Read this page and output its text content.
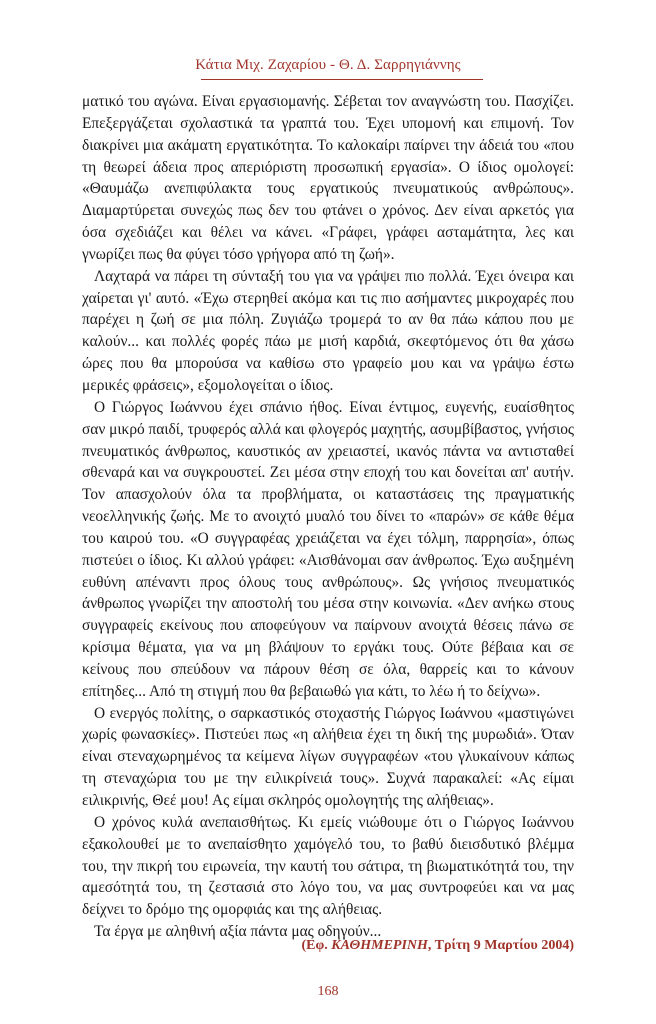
Κάτια Μιχ. Ζαχαρίου - Θ. Δ. Σαρρηγιάννης

ματικό του αγώνα. Είναι εργασιομανής. Σέβεται τον αναγνώστη του. Πασχίζει. Επεξεργάζεται σχολαστικά τα γραπτά του. Έχει υπομονή και επιμονή. Τον διακρίνει μια ακάματη εργατικότητα. Το καλοκαίρι παίρνει την άδειά του «που τη θεωρεί άδεια προς απεριόριστη προσωπική εργασία». Ο ίδιος ομολογεί: «Θαυμάζω ανεπιφύλακτα τους εργατικούς πνευματικούς ανθρώπους». Διαμαρτύρεται συνεχώς πως δεν του φτάνει ο χρόνος. Δεν είναι αρκετός για όσα σχεδιάζει και θέλει να κάνει. «Γράφει, γράφει ασταμάτητα, λες και γνωρίζει πως θα φύγει τόσο γρήγορα από τη ζωή».

Λαχταρά να πάρει τη σύνταξή του για να γράψει πιο πολλά. Έχει όνειρα και χαίρεται γι' αυτό. «Έχω στερηθεί ακόμα και τις πιο ασήμαντες μικροχαρές που παρέχει η ζωή σε μια πόλη. Ζυγιάζω τρομερά το αν θα πάω κάπου που με καλούν... και πολλές φορές πάω με μισή καρδιά, σκεφτόμενος ότι θα χάσω ώρες που θα μπορούσα να καθίσω στο γραφείο μου και να γράψω έστω μερικές φράσεις», εξομολογείται ο ίδιος.

Ο Γιώργος Ιωάννου έχει σπάνιο ήθος. Είναι έντιμος, ευγενής, ευαίσθητος σαν μικρό παιδί, τρυφερός αλλά και φλογερός μαχητής, ασυμβίβαστος, γνήσιος πνευματικός άνθρωπος, καυστικός αν χρειαστεί, ικανός πάντα να αντισταθεί σθεναρά και να συγκρουστεί. Ζει μέσα στην εποχή του και δονείται απ' αυτήν. Τον απασχολούν όλα τα προβλήματα, οι καταστάσεις της πραγματικής νεοελληνικής ζωής. Με το ανοιχτό μυαλό του δίνει το «παρών» σε κάθε θέμα του καιρού του. «Ο συγγραφέας χρειάζεται να έχει τόλμη, παρρησία», όπως πιστεύει ο ίδιος. Κι αλλού γράφει: «Αισθάνομαι σαν άνθρωπος. Έχω αυξημένη ευθύνη απέναντι προς όλους τους ανθρώπους». Ως γνήσιος πνευματικός άνθρωπος γνωρίζει την αποστολή του μέσα στην κοινωνία. «Δεν ανήκω στους συγγραφείς εκείνους που αποφεύγουν να παίρνουν ανοιχτά θέσεις πάνω σε κρίσιμα θέματα, για να μη βλάψουν το εργάκι τους. Ούτε βέβαια και σε κείνους που σπεύδουν να πάρουν θέση σε όλα, θαρρείς και το κάνουν επίτηδες... Από τη στιγμή που θα βεβαιωθώ για κάτι, το λέω ή το δείχνω».

Ο ενεργός πολίτης, ο σαρκαστικός στοχαστής Γιώργος Ιωάννου «μαστιγώνει χωρίς φωνασκίες». Πιστεύει πως «η αλήθεια έχει τη δική της μυρωδιά». Όταν είναι στεναχωρημένος τα κείμενα λίγων συγγραφέων «του γλυκαίνουν κάπως τη στεναχώρια του με την ειλικρίνειά τους». Συχνά παρακαλεί: «Ας είμαι ειλικρινής, Θεέ μου! Ας είμαι σκληρός ομολογητής της αλήθειας».

Ο χρόνος κυλά ανεπαισθήτως. Κι εμείς νιώθουμε ότι ο Γιώργος Ιωάννου εξακολουθεί με το ανεπαίσθητο χαμόγελό του, το βαθύ διεισδυτικό βλέμμα του, την πικρή του ειρωνεία, την καυτή του σάτιρα, τη βιωματικότητά του, την αμεσότητά του, τη ζεστασιά στο λόγο του, να μας συντροφεύει και να μας δείχνει το δρόμο της ομορφιάς και της αλήθειας.

Τα έργα με αληθινή αξία πάντα μας οδηγούν...

(Εφ. ΚΑΘΗΜΕΡΙΝΗ, Τρίτη 9 Μαρτίου 2004)
168
